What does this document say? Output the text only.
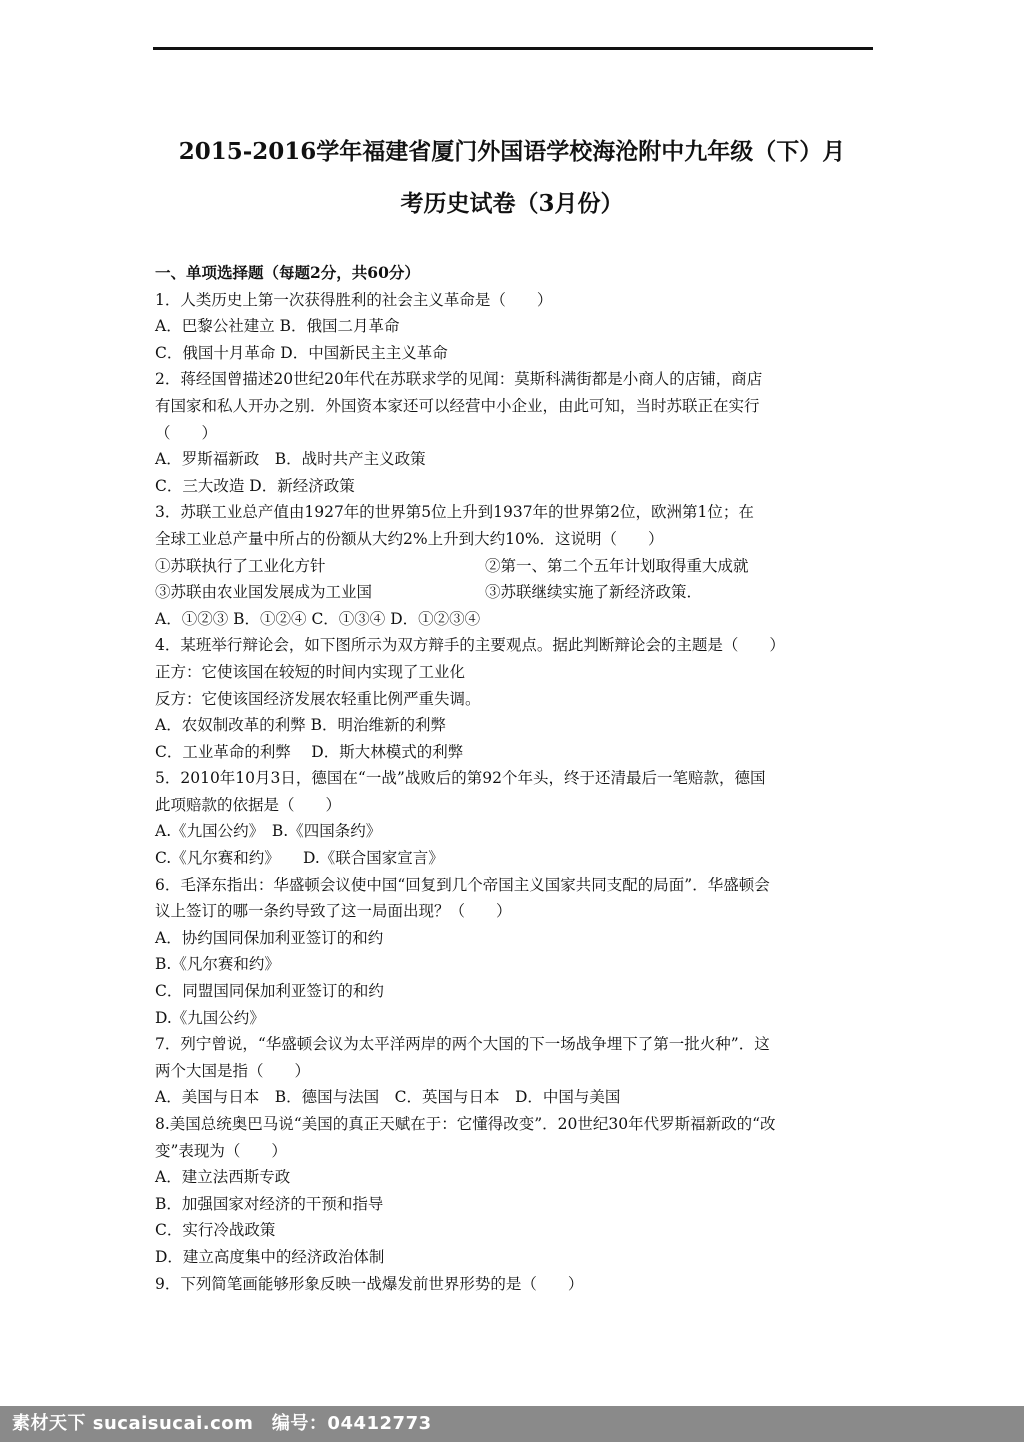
2015-2016学年福建省厦门外国语学校海沧附中九年级（下）月
考历史试卷（3月份）
一、单项选择题（每题2分，共60分）
1．人类历史上第一次获得胜利的社会主义革命是（　　）
A．巴黎公社建立 B．俄国二月革命
C．俄国十月革命 D．中国新民主主义革命
2．蒋经国曾描述20世纪20年代在苏联求学的见闻：莫斯科满街都是小商人的店铺，商店
有国家和私人开办之别．外国资本家还可以经营中小企业，由此可知，当时苏联正在实行
（　　）
A．罗斯福新政　B．战时共产主义政策
C．三大改造 D．新经济政策
3．苏联工业总产值由1927年的世界第5位上升到1937年的世界第2位，欧洲第1位；在
全球工业总产量中所占的份额从大约2%上升到大约10%．这说明（　　）
①苏联执行了工业化方针	②第一、第二个五年计划取得重大成就
③苏联由农业国发展成为工业国	③苏联继续实施了新经济政策．
A．①②③ B．①②④ C．①③④ D．①②③④
4．某班举行辩论会，如下图所示为双方辩手的主要观点。据此判断辩论会的主题是（　　）
正方：它使该国在较短的时间内实现了工业化
反方：它使该国经济发展农轻重比例严重失调。
A．农奴制改革的利弊 B．明治维新的利弊
C．工业革命的利弊　 D．斯大林模式的利弊
5．2010年10月3日，德国在“一战”战败后的第92个年头，终于还清最后一笔赔款，德国
此项赔款的依据是（　　）
A.《九国公约》　B.《四国条约》
C.《凡尔赛和约》　　D.《联合国家宣言》
6．毛泽东指出：华盛顿会议使中国“回复到几个帝国主义国家共同支配的局面”．华盛顿会
议上签订的哪一条约导致了这一局面出现？（　　）
A．协约国同保加利亚签订的和约
B.《凡尔赛和约》
C．同盟国同保加利亚签订的和约
D.《九国公约》
7．列宁曾说，“华盛顿会议为太平洋两岸的两个大国的下一场战争埋下了第一批火种”．这
两个大国是指（　　）
A．美国与日本　B．德国与法国　C．英国与日本　D．中国与美国
8.美国总统奥巴马说“美国的真正天赋在于：它懂得改变”．20世纪30年代罗斯福新政的“改
变”表现为（　　）
A．建立法西斯专政
B．加强国家对经济的干预和指导
C．实行冷战政策
D．建立高度集中的经济政治体制
9．下列简笔画能够形象反映一战爆发前世界形势的是（　　）
素材天下 sucaisucai.com　编号：04412773
